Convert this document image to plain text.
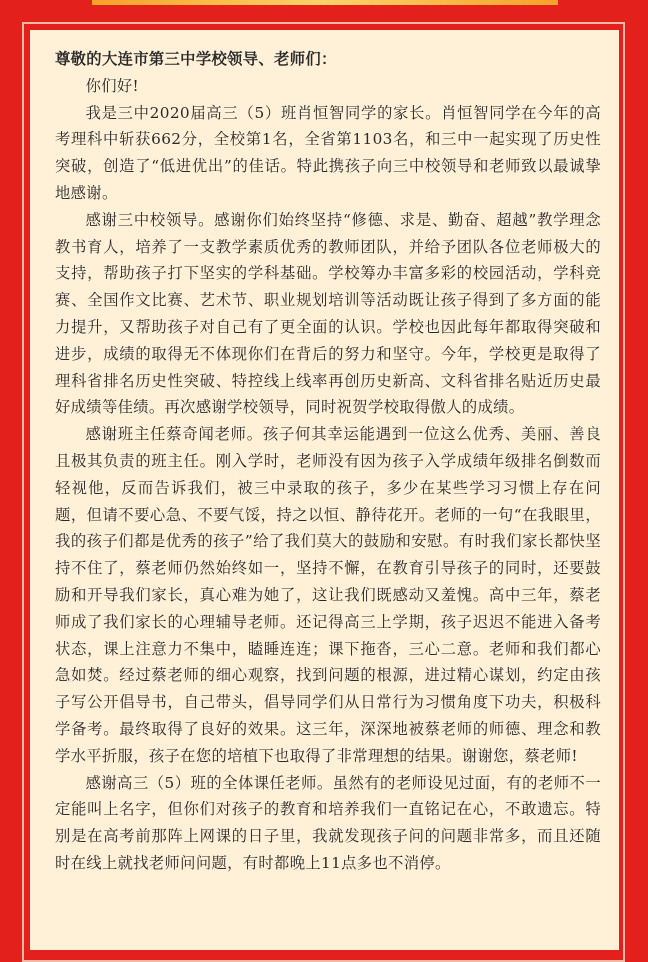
尊敬的大连市第三中学校领导、老师们：

你们好!

我是三中2020届高三（5）班肖恒智同学的家长。肖恒智同学在今年的高考理科中斩获662分，全校第1名，全省第1103名，和三中一起实现了历史性突破，创造了“低进优出”的佳话。特此携孩子向三中校领导和老师致以最诚挚地感谢。

感谢三中校领导。感谢你们始终坚持“修德、求是、勤奋、超越”教学理念教书育人，培养了一支教学素质优秀的教师团队，并给予团队各位老师极大的支持，帮助孩子打下坚实的学科基础。学校筹办丰富多彩的校园活动，学科竞赛、全国作文比赛、艺术节、职业规划培训等活动既让孩子得到了多方面的能力提升，又帮助孩子对自己有了更全面的认识。学校也因此每年都取得突破和进步，成绩的取得无不体现你们在背后的努力和坚守。今年，学校更是取得了理科省排名历史性突破、特控线上线率再创历史新高、文科省排名贴近历史最好成绩等佳绩。再次感谢学校领导，同时祝贺学校取得傲人的成绩。

感谢班主任蔡奇闻老师。孩子何其幸运能遇到一位这么优秀、美丽、善良且极其负责的班主任。刚入学时，老师没有因为孩子入学成绩年级排名倒数而轻视他，反而告诉我们，被三中录取的孩子，多少在某些学习习惯上存在问题，但请不要心急、不要气馁，持之以恒、静待花开。老师的一句“在我眼里，我的孩子们都是优秀的孩子”给了我们莫大的鼓励和安慰。有时我们家长都快坚持不住了，蔡老师仍然始终如一，坚持不懈，在教育引导孩子的同时，还要鼓励和开导我们家长，真心难为她了，这让我们既感动又羞愧。高中三年，蔡老师成了我们家长的心理辅导老师。还记得高三上学期，孩子迟迟不能进入备考状态，课上注意力不集中，瞌睡连连；课下拖沓，三心二意。老师和我们都心急如焚。经过蔡老师的细心观察，找到问题的根源，进过精心谋划，约定由孩子写公开倡导书，自己带头，倡导同学们从日常行为习惯角度下功夫，积极科学备考。最终取得了良好的效果。这三年，深深地被蔡老师的师德、理念和教学水平折服，孩子在您的培植下也取得了非常理想的结果。谢谢您，蔡老师!

感谢高三（5）班的全体课任老师。虽然有的老师设见过面，有的老师不一定能叫上名字，但你们对孩子的教育和培养我们一直铭记在心，不敢遗忘。特别是在高考前那阵上网课的日子里，我就发现孩子问的问题非常多，而且还随时在线上就找老师问问题，有时都晚上11点多也不消停。
